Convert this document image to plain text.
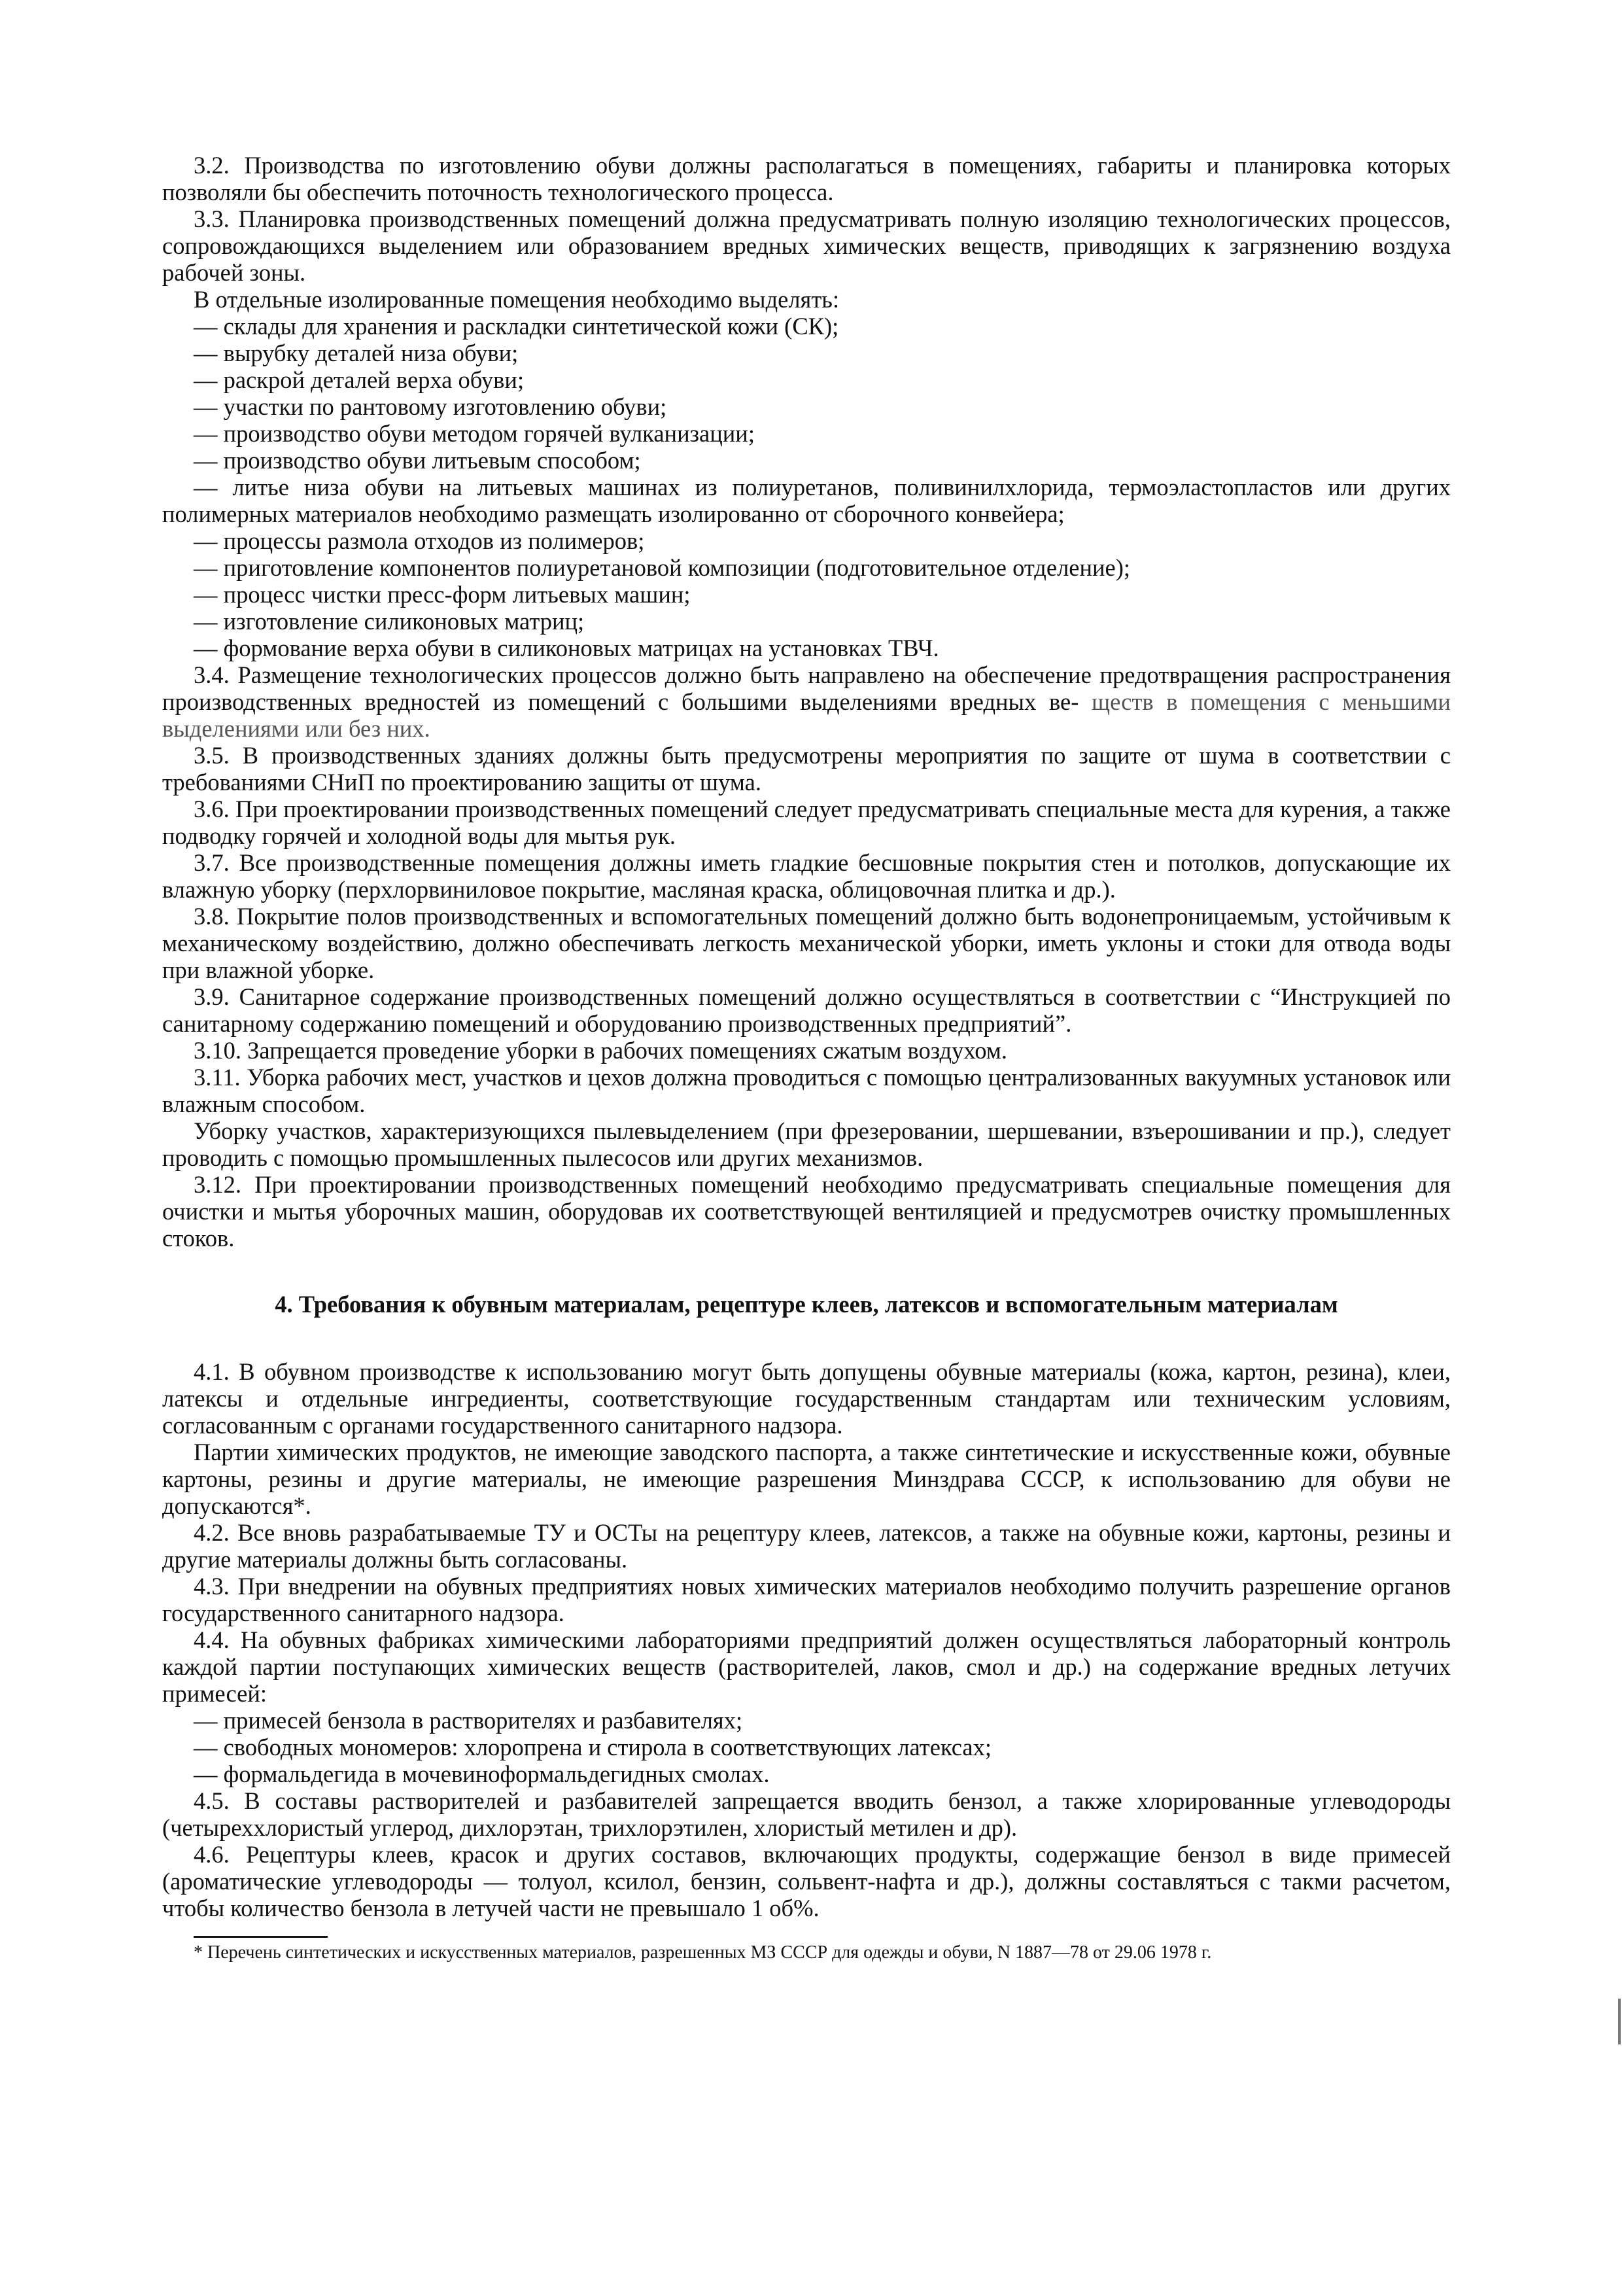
3.2. Производства по изготовлению обуви должны располагаться в помещениях, габариты и планировка которых позволяли бы обеспечить поточность технологического процесса.

3.3. Планировка производственных помещений должна предусматривать полную изоляцию технологических процессов, сопровождающихся выделением или образованием вредных химических веществ, приводящих к загрязнению воздуха рабочей зоны.

В отдельные изолированные помещения необходимо выделять:

— склады для хранения и раскладки синтетической кожи (СК);

— вырубку деталей низа обуви;

— раскрой деталей верха обуви;

— участки по рантовому изготовлению обуви;

— производство обуви методом горячей вулканизации;

— производство обуви литьевым способом;

— литье низа обуви на литьевых машинах из полиуретанов, поливинилхлорида, термоэластопластов или других полимерных материалов необходимо размещать изолированно от сборочного конвейера;

— процессы размола отходов из полимеров;

— приготовление компонентов полиуретановой композиции (подготовительное отделение);

— процесс чистки пресс-форм литьевых машин;

— изготовление силиконовых матриц;

— формование верха обуви в силиконовых матрицах на установках ТВЧ.

3.4. Размещение технологических процессов должно быть направлено на обеспечение предотвращения распространения производственных вредностей из помещений с большими выделениями вредных ве- ществ в помещения с меньшими выделениями или без них.

3.5. В производственных зданиях должны быть предусмотрены мероприятия по защите от шума в соответствии с требованиями СНиП по проектированию защиты от шума.

3.6. При проектировании производственных помещений следует предусматривать специальные места для курения, а также подводку горячей и холодной воды для мытья рук.

3.7. Все производственные помещения должны иметь гладкие бесшовные покрытия стен и потолков, допускающие их влажную уборку (перхлорвиниловое покрытие, масляная краска, облицовочная плитка и др.).

3.8. Покрытие полов производственных и вспомогательных помещений должно быть водонепроницаемым, устойчивым к механическому воздействию, должно обеспечивать легкость механической уборки, иметь уклоны и стоки для отвода воды при влажной уборке.

3.9. Санитарное содержание производственных помещений должно осуществляться в соответствии с “Инструкцией по санитарному содержанию помещений и оборудованию производственных предприятий”.

3.10. Запрещается проведение уборки в рабочих помещениях сжатым воздухом.

3.11. Уборка рабочих мест, участков и цехов должна проводиться с помощью централизованных вакуумных установок или влажным способом.

Уборку участков, характеризующихся пылевыделением (при фрезеровании, шершевании, взъерошивании и пр.), следует проводить с помощью промышленных пылесосов или других механизмов.

3.12. При проектировании производственных помещений необходимо предусматривать специальные помещения для очистки и мытья уборочных машин, оборудовав их соответствующей вентиляцией и предусмотрев очистку промышленных стоков.

4. Требования к обувным материалам, рецептуре клеев, латексов и вспомогательным материалам

4.1. В обувном производстве к использованию могут быть допущены обувные материалы (кожа, картон, резина), клеи, латексы и отдельные ингредиенты, соответствующие государственным стандартам или техническим условиям, согласованным с органами государственного санитарного надзора.

Партии химических продуктов, не имеющие заводского паспорта, а также синтетические и искусственные кожи, обувные картоны, резины и другие материалы, не имеющие разрешения Минздрава СССР, к использованию для обуви не допускаются*.

4.2. Все вновь разрабатываемые ТУ и ОСТы на рецептуру клеев, латексов, а также на обувные кожи, картоны, резины и другие материалы должны быть согласованы.

4.3. При внедрении на обувных предприятиях новых химических материалов необходимо получить разрешение органов государственного санитарного надзора.

4.4. На обувных фабриках химическими лабораториями предприятий должен осуществляться лабораторный контроль каждой партии поступающих химических веществ (растворителей, лаков, смол и др.) на содержание вредных летучих примесей:

— примесей бензола в растворителях и разбавителях;

— свободных мономеров: хлоропрена и стирола в соответствующих латексах;

— формальдегида в мочевиноформальдегидных смолах.

4.5. В составы растворителей и разбавителей запрещается вводить бензол, а также хлорированные углеводороды (четыреххлористый углерод, дихлорэтан, трихлорэтилен, хлористый метилен и др).

4.6. Рецептуры клеев, красок и других составов, включающих продукты, содержащие бензол в виде примесей (ароматические углеводороды — толуол, ксилол, бензин, сольвент-нафта и др.), должны составляться с такми расчетом, чтобы количество бензола в летучей части не превышало 1 об%.

* Перечень синтетических и искусственных материалов, разрешенных МЗ СССР для одежды и обуви, N 1887—78 от 29.06 1978 г.
